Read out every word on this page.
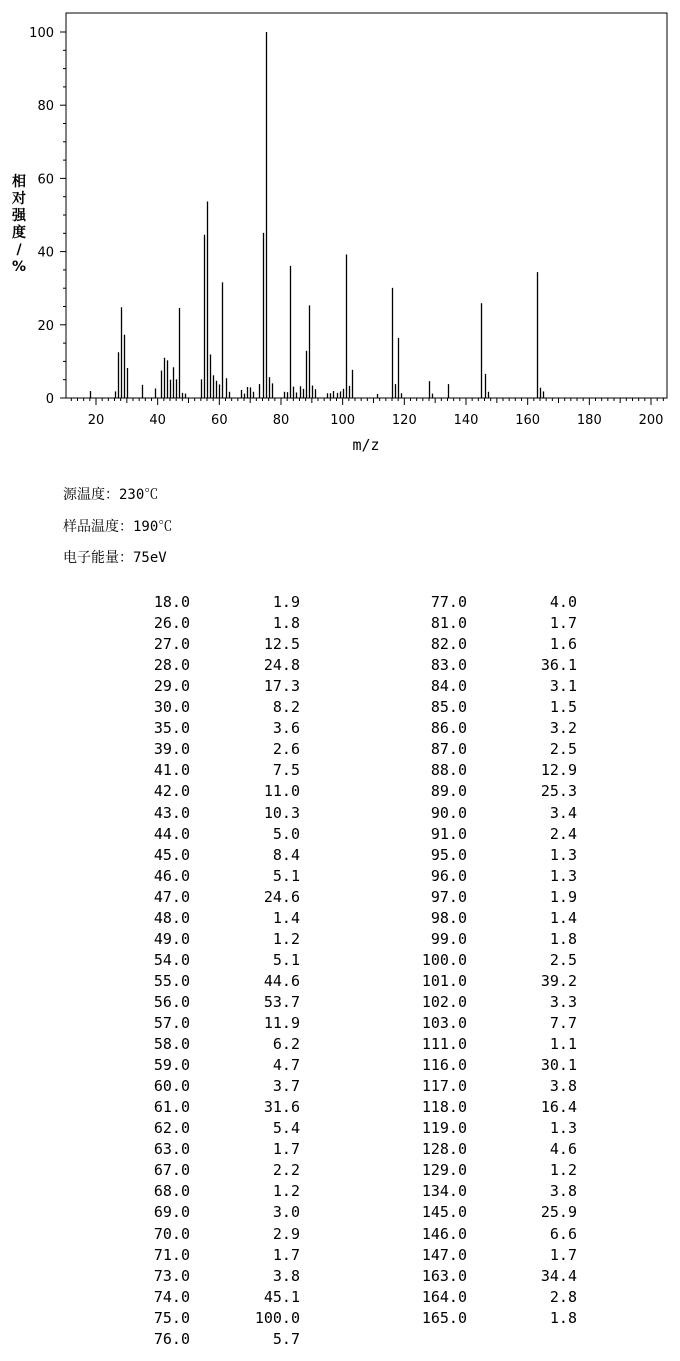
0
20
40
60
80
100
20	40	60	80	100	120	140	160	180	200
相
对
强
度
/
%
m/z
源温度：230℃
样品温度：190℃
电子能量：75eV
18.0	1.9
26.0	1.8
27.0	12.5
28.0	24.8
29.0	17.3
30.0	8.2
35.0	3.6
39.0	2.6
41.0	7.5
42.0	11.0
43.0	10.3
44.0	5.0
45.0	8.4
46.0	5.1
47.0	24.6
48.0	1.4
49.0	1.2
54.0	5.1
55.0	44.6
56.0	53.7
57.0	11.9
58.0	6.2
59.0	4.7
60.0	3.7
61.0	31.6
62.0	5.4
63.0	1.7
67.0	2.2
68.0	1.2
69.0	3.0
70.0	2.9
71.0	1.7
73.0	3.8
74.0	45.1
75.0	100.0
76.0	5.7
77.0	4.0
81.0	1.7
82.0	1.6
83.0	36.1
84.0	3.1
85.0	1.5
86.0	3.2
87.0	2.5
88.0	12.9
89.0	25.3
90.0	3.4
91.0	2.4
95.0	1.3
96.0	1.3
97.0	1.9
98.0	1.4
99.0	1.8
100.0	2.5
101.0	39.2
102.0	3.3
103.0	7.7
111.0	1.1
116.0	30.1
117.0	3.8
118.0	16.4
119.0	1.3
128.0	4.6
129.0	1.2
134.0	3.8
145.0	25.9
146.0	6.6
147.0	1.7
163.0	34.4
164.0	2.8
165.0	1.8
